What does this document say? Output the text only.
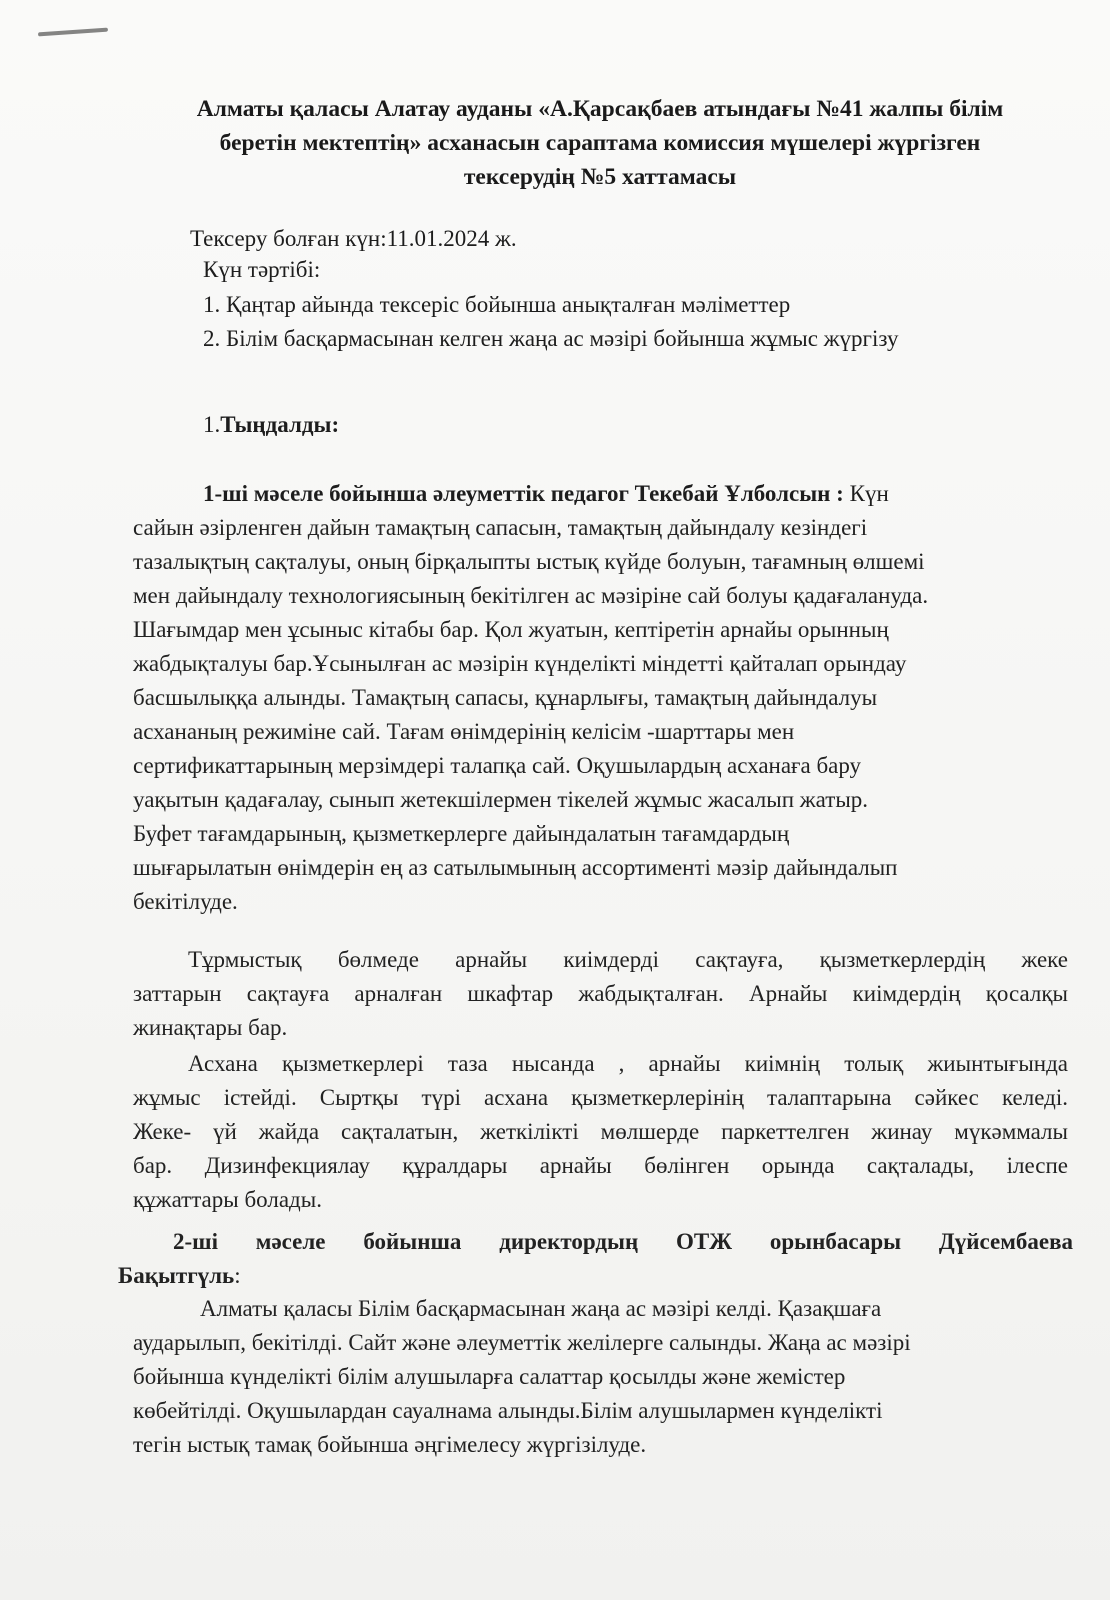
Алматы қаласы Алатау ауданы «А.Қарсақбаев атындағы №41 жалпы білім
беретін мектептің» асханасын сараптама комиссия мүшелері жүргізген
тексерудің №5 хаттамасы
Тексеру болған күн:11.01.2024 ж.
Күн тәртібі:
1. Қаңтар айында тексеріс бойынша анықталған мәліметтер
2. Білім басқармасынан келген жаңа ас мәзірі бойынша жұмыс жүргізу
1.Тыңдалды:
1-ші мәселе бойынша әлеуметтік педагог Текебай Ұлболсын : Күн
сайын әзірленген дайын тамақтың сапасын, тамақтың дайындалу кезіндегі
тазалықтың сақталуы, оның бірқалыпты ыстық күйде болуын, тағамның өлшемі
мен дайындалу технологиясының бекітілген ас мәзіріне сай болуы қадағалануда.
Шағымдар мен ұсыныс кітабы бар. Қол жуатын, кептіретін арнайы орынның
жабдықталуы бар.Ұсынылған ас мәзірін күнделікті міндетті қайталап орындау
басшылыққа алынды. Тамақтың сапасы, құнарлығы, тамақтың дайындалуы
асхананың режиміне сай. Тағам өнімдерінің келісім -шарттары мен
сертификаттарының мерзімдері талапқа сай. Оқушылардың асханаға бару
уақытын қадағалау, сынып жетекшілермен тікелей жұмыс жасалып жатыр.
Буфет тағамдарының, қызметкерлерге дайындалатын тағамдардың
шығарылатын өнімдерін ең аз сатылымының ассортименті мәзір дайындалып
бекітілуде.
Тұрмыстық бөлмеде арнайы киімдерді сақтауға, қызметкерлердің жеке
заттарын сақтауға арналған шкафтар жабдықталған. Арнайы киімдердің қосалқы
жинақтары бар.
Асхана қызметкерлері таза нысанда , арнайы киімнің толық жиынтығында
жұмыс істейді. Сыртқы түрі асхана қызметкерлерінің талаптарына сәйкес келеді.
Жеке- үй жайда сақталатын, жеткілікті мөлшерде паркеттелген жинау мүкәммалы
бар. Дизинфекциялау құралдары арнайы бөлінген орында сақталады, ілеспе
құжаттары болады.
2-ші мәселе бойынша директордың ОТЖ орынбасары Дүйсембаева
Бақытгүль:
Алматы қаласы Білім басқармасынан жаңа ас мәзірі келді. Қазақшаға
аударылып, бекітілді. Сайт және әлеуметтік желілерге салынды. Жаңа ас мәзірі
бойынша күнделікті білім алушыларға салаттар қосылды және жемістер
көбейтілді. Оқушылардан сауалнама алынды.Білім алушылармен күнделікті
тегін ыстық тамақ бойынша әңгімелесу жүргізілуде.
